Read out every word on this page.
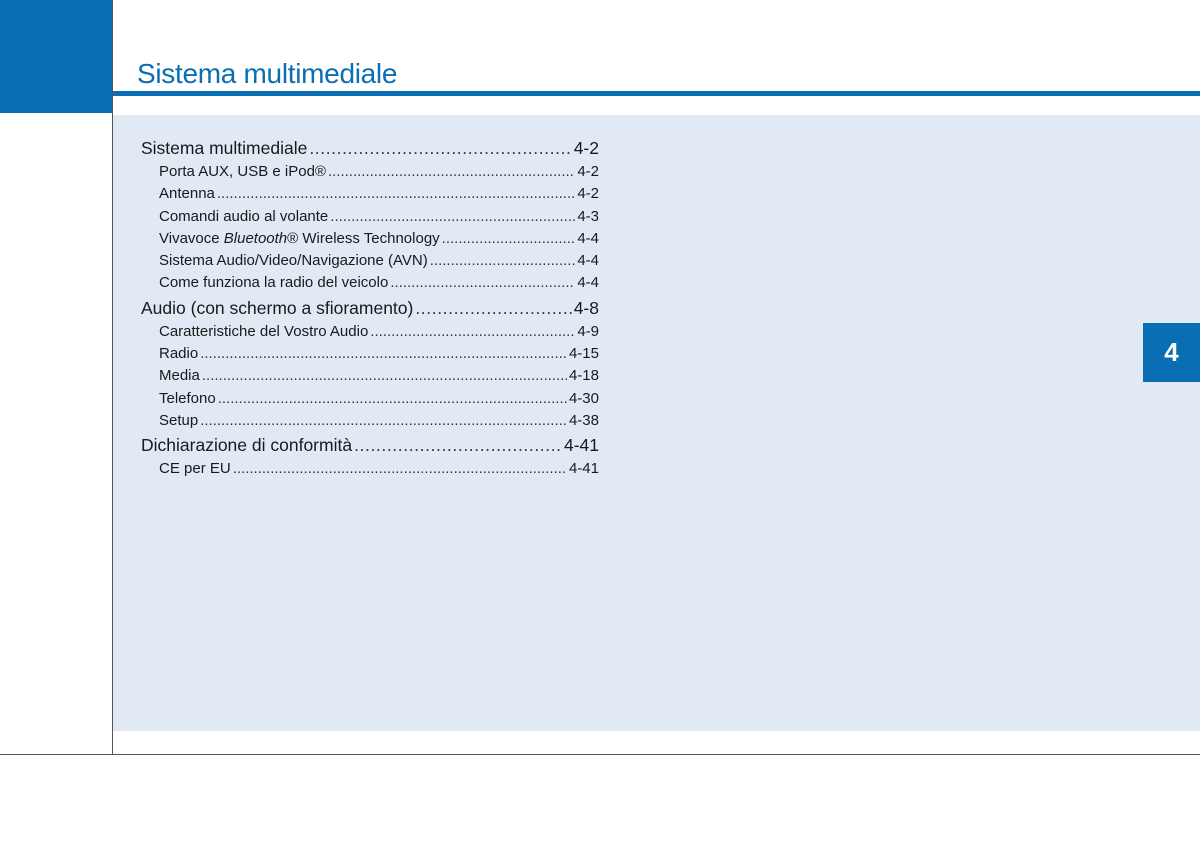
Sistema multimediale
4
Sistema multimediale .....	4-2
Porta AUX, USB e iPod® .....	4-2
Antenna .....	4-2
Comandi audio al volante .....	4-3
Vivavoce Bluetooth® Wireless Technology .....	4-4
Sistema Audio/Video/Navigazione (AVN) .....	4-4
Come funziona la radio del veicolo .....	4-4
Audio (con schermo a sfioramento) .....	4-8
Caratteristiche del Vostro Audio .....	4-9
Radio .....	4-15
Media .....	4-18
Telefono .....	4-30
Setup .....	4-38
Dichiarazione di conformità .....	4-41
CE per EU .....	4-41
